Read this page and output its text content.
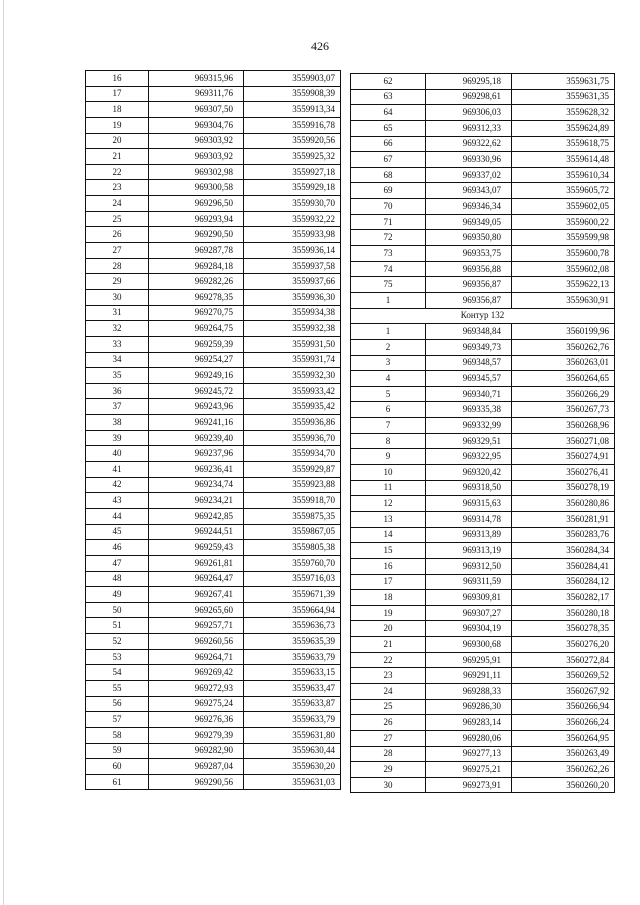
426
16	969315,96	3559903,07
17	969311,76	3559908,39
18	969307,50	3559913,34
19	969304,76	3559916,78
20	969303,92	3559920,56
21	969303,92	3559925,32
22	969302,98	3559927,18
23	969300,58	3559929,18
24	969296,50	3559930,70
25	969293,94	3559932,22
26	969290,50	3559933,98
27	969287,78	3559936,14
28	969284,18	3559937,58
29	969282,26	3559937,66
30	969278,35	3559936,30
31	969270,75	3559934,38
32	969264,75	3559932,38
33	969259,39	3559931,50
34	969254,27	3559931,74
35	969249,16	3559932,30
36	969245,72	3559933,42
37	969243,96	3559935,42
38	969241,16	3559936,86
39	969239,40	3559936,70
40	969237,96	3559934,70
41	969236,41	3559929,87
42	969234,74	3559923,88
43	969234,21	3559918,70
44	969242,85	3559875,35
45	969244,51	3559867,05
46	969259,43	3559805,38
47	969261,81	3559760,70
48	969264,47	3559716,03
49	969267,41	3559671,39
50	969265,60	3559664,94
51	969257,71	3559636,73
52	969260,56	3559635,39
53	969264,71	3559633,79
54	969269,42	3559633,15
55	969272,93	3559633,47
56	969275,24	3559633,87
57	969276,36	3559633,79
58	969279,39	3559631,80
59	969282,90	3559630,44
60	969287,04	3559630,20
61	969290,56	3559631,03
62	969295,18	3559631,75
63	969298,61	3559631,35
64	969306,03	3559628,32
65	969312,33	3559624,89
66	969322,62	3559618,75
67	969330,96	3559614,48
68	969337,02	3559610,34
69	969343,07	3559605,72
70	969346,34	3559602,05
71	969349,05	3559600,22
72	969350,80	3559599,98
73	969353,75	3559600,78
74	969356,88	3559602,08
75	969356,87	3559622,13
1	969356,87	3559630,91
Контур 132		
1	969348,84	3560199,96
2	969349,73	3560262,76
3	969348,57	3560263,01
4	969345,57	3560264,65
5	969340,71	3560266,29
6	969335,38	3560267,73
7	969332,99	3560268,96
8	969329,51	3560271,08
9	969322,95	3560274,91
10	969320,42	3560276,41
11	969318,50	3560278,19
12	969315,63	3560280,86
13	969314,78	3560281,91
14	969313,89	3560283,76
15	969313,19	3560284,34
16	969312,50	3560284,41
17	969311,59	3560284,12
18	969309,81	3560282,17
19	969307,27	3560280,18
20	969304,19	3560278,35
21	969300,68	3560276,20
22	969295,91	3560272,84
23	969291,11	3560269,52
24	969288,33	3560267,92
25	969286,30	3560266,94
26	969283,14	3560266,24
27	969280,06	3560264,95
28	969277,13	3560263,49
29	969275,21	3560262,26
30	969273,91	3560260,20
